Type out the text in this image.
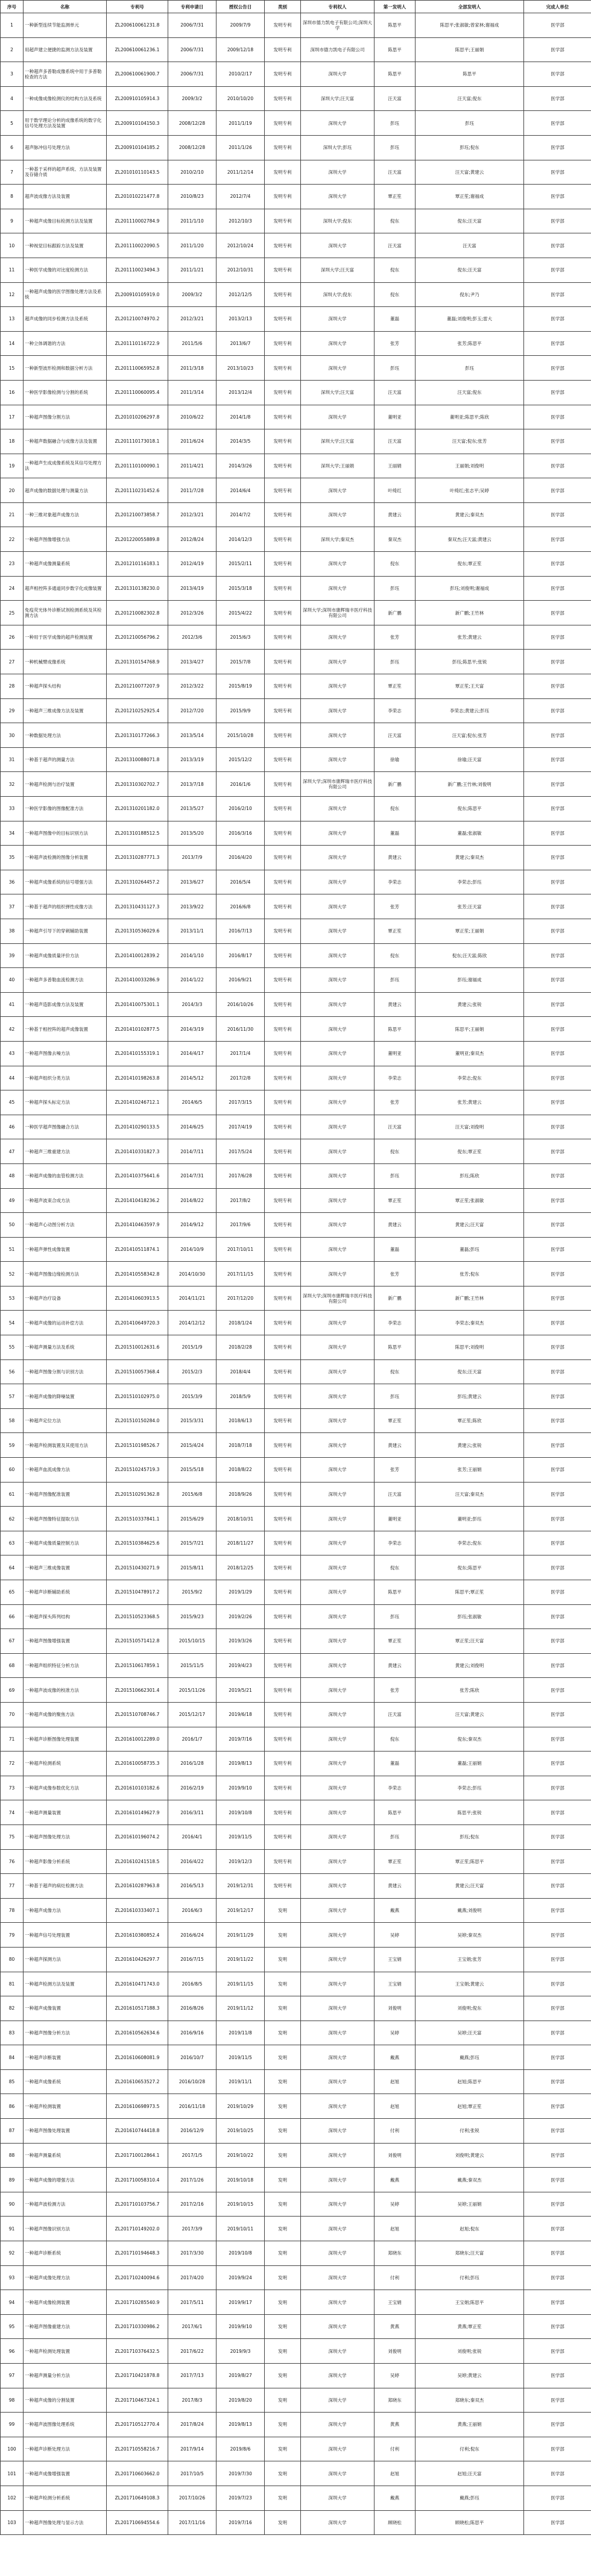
序号	名称	专利号	专利申请日	授权公告日	类别	专利权人	第一发明人	全部发明人	完成人单位
1	一种新型连续节能监测单元	ZL200610061231.8	2006/7/31	2009/7/9	发明专利	深圳市德力凯电子有限公司;深圳大学	陈思平	陈思平;张淑敏;曾家林;谢福成	医学部
2	用超声建立便捷的监测方法及装置	ZL200610061236.1	2006/7/31	2009/12/18	发明专利	深圳市德力凯电子有限公司	陈思平	陈思平;王丽娟	医学部
3	一种超声多普勒成像系统中用于多普勒检查的方法	ZL200610061900.7	2006/7/31	2010/2/17	发明专利	深圳大学	陈思平	陈思平	医学部
4	一种成像成像检测仪的结构方法及系统	ZL200910105914.3	2009/3/2	2010/10/20	发明专利	深圳大学;汪天富	汪天富	汪天富;倪东	医学部
5	用于数学理论分析的成像系统的数字化信号处理方法及装置	ZL200910104150.3	2008/12/28	2011/1/19	发明专利	深圳大学	彭珏	彭珏	医学部
6	超声脉冲信号处理方法	ZL200910104185.2	2008/12/28	2011/1/26	发明专利	深圳大学;彭珏	彭珏	彭珏;倪东	医学部
7	一种基于采样的超声系统、方法及装置及存储介质	ZL201010110143.5	2010/2/10	2011/12/14	发明专利	深圳大学	汪天富	汪天富;黄建云	医学部
8	超声波成像方法及装置	ZL201010221477.8	2010/8/23	2012/7/4	发明专利	深圳大学	覃正笙	覃正笙;谢福成	医学部
9	一种超声成像目标检测方法及装置	ZL201110002784.9	2011/1/10	2012/10/3	发明专利	深圳大学;倪东	倪东	倪东;汪天富	医学部
10	一种视觉目标跟踪方法及装置	ZL201110022090.5	2011/1/20	2012/10/24	发明专利	深圳大学	汪天富	汪天富	医学部
11	一种医学成像的对比度检测方法	ZL201110023494.3	2011/1/21	2012/10/31	发明专利	深圳大学;汪天富	倪东	倪东;汪天富	医学部
12	一种超声成像的医学图像处理方法及系统	ZL200910105919.0	2009/3/2	2012/12/5	发明专利	深圳大学;倪东	倪东	倪东;尹乃	医学部
13	超声成像的同步检测方法及系统	ZL201210074970.2	2012/3/21	2013/2/13	发明专利	深圳大学	董磊	董磊;刘俊明;彭玉;雷大	医学部
14	一种立体调谐的方法	ZL201110116722.9	2011/5/6	2013/6/7	发明专利	深圳大学	张芳	张芳;陈思平	医学部
15	一种新型波形检测和数据分析方法	ZL201110065952.8	2011/3/18	2013/10/23	发明专利	深圳大学	彭珏	彭珏	医学部
16	一种医学影像检测与分割的系统	ZL201110060095.4	2011/3/14	2013/12/4	发明专利	深圳大学;汪天富	汪天富	汪天富;倪东	医学部
17	一种超声图像分割方法	ZL201010206297.8	2010/6/22	2014/1/8	发明专利	深圳大学	董明亚	董明亚;陈思平;陈欣	医学部
18	一种超声数据融合与成像方法及装置	ZL201110173018.1	2011/6/24	2014/3/5	发明专利	深圳大学;汪天富	汪天富	汪天富;倪东;张芳	医学部
19	一种超声生成成像系统及其信号处理方法	ZL201110100090.1	2011/4/21	2014/3/26	发明专利	深圳大学;王丽娟	王丽娟	王丽娟;刘俊明	医学部
20	超声成像的数据处理与测量方法	ZL201110231452.6	2011/7/28	2014/6/4	发明专利	深圳大学	叶绮红	叶绮红;张志平;吴婷	医学部
21	一种三维对象超声成像方法	ZL201210073858.7	2012/3/21	2014/7/2	发明专利	深圳大学	黄建云	黄建云;秦双杰	医学部
22	一种超声图像增强方法	ZL201220055889.8	2012/8/24	2014/12/3	发明专利	深圳大学;秦双杰	秦双杰	秦双杰;汪天富;黄建云	医学部
23	一种超声成像测量系统	ZL201210116183.1	2012/4/19	2015/2/11	发明专利	深圳大学	倪东	倪东;覃正笙	医学部
24	超声相控阵多通道同步数字化成像装置	ZL201310138230.0	2013/4/19	2015/3/18	发明专利	深圳大学	彭珏	彭珏;刘俊明;谢福成	医学部
25	免疫荧光体外诊断试剂检测系统及其检测方法	ZL201210082302.8	2012/3/26	2015/4/22	发明专利	深圳大学;深圳市康辉瑞丰医疗科技有限公司	新广鹏	新广鹏;王竹林	医学部
26	一种用于医学成像的超声检测装置	ZL201210056796.2	2012/3/6	2015/6/3	发明专利	深圳大学	张芳	张芳;黄建云	医学部
27	一种机械臂成像系统	ZL201310154768.9	2013/4/27	2015/7/8	发明专利	深圳大学	彭珏	彭珏;陈思平;张锐	医学部
28	一种超声探头结构	ZL201210077207.9	2012/3/22	2015/8/19	发明专利	深圳大学	覃正笙	覃正笙;王天富	医学部
29	一种超声三维成像方法及装置	ZL201210252925.4	2012/7/20	2015/9/9	发明专利	深圳大学	李荣志	李荣志;黄建云;彭珏	医学部
30	一种数据处理方法	ZL201310177266.3	2013/5/14	2015/10/28	发明专利	深圳大学	汪天富	汪天富;倪东;张芳	医学部
31	一种基于超声的测量方法	ZL201310088071.8	2013/3/19	2015/12/2	发明专利	深圳大学	徐瑜	徐瑜;汪天富	医学部
32	一种超声检测与治疗装置	ZL201310302702.7	2013/7/18	2016/1/6	发明专利	深圳大学;深圳市康辉瑞丰医疗科技有限公司	新广鹏	新广鹏;王竹林;刘俊明	医学部
33	一种医学影像的图像配准方法	ZL201310201182.0	2013/5/27	2016/2/10	发明专利	深圳大学	倪东	倪东;陈思平	医学部
34	一种超声图像中的目标识别方法	ZL201310188512.5	2013/5/20	2016/3/16	发明专利	深圳大学	董磊	董磊;张淑敏	医学部
35	一种超声波检测的图像分析装置	ZL201310287771.3	2013/7/9	2016/4/20	发明专利	深圳大学	黄建云	黄建云;秦双杰	医学部
36	一种超声成像系统的信号增强方法	ZL201310264457.2	2013/6/27	2016/5/4	发明专利	深圳大学	李荣志	李荣志;彭珏	医学部
37	一种基于超声的组织弹性成像方法	ZL201310431127.3	2013/9/22	2016/6/8	发明专利	深圳大学	张芳	张芳;汪天富	医学部
38	一种超声引导下的穿刺辅助装置	ZL201310536029.6	2013/11/1	2016/7/13	发明专利	深圳大学	覃正笙	覃正笙;王丽娟	医学部
39	一种超声成像质量评价方法	ZL201410012839.2	2014/1/10	2016/8/17	发明专利	深圳大学	倪东	倪东;汪天富;陈欣	医学部
40	一种超声多普勒血流检测方法	ZL201410033286.9	2014/1/22	2016/9/21	发明专利	深圳大学	彭珏	彭珏;谢福成	医学部
41	一种超声造影成像方法及装置	ZL201410075301.1	2014/3/3	2016/10/26	发明专利	深圳大学	黄建云	黄建云;张锐	医学部
42	一种基于相控阵的超声成像装置	ZL201410102877.5	2014/3/19	2016/11/30	发明专利	深圳大学	陈思平	陈思平;王丽娟	医学部
43	一种超声图像去噪方法	ZL201410155319.1	2014/4/17	2017/1/4	发明专利	深圳大学	董明亚	董明亚;秦双杰	医学部
44	一种超声组织分类方法	ZL201410198263.8	2014/5/12	2017/2/8	发明专利	深圳大学	李荣志	李荣志;倪东	医学部
45	一种超声探头标定方法	ZL201410246712.1	2014/6/5	2017/3/15	发明专利	深圳大学	张芳	张芳;黄建云	医学部
46	一种医学超声图像融合方法	ZL201410290133.5	2014/6/25	2017/4/19	发明专利	深圳大学	汪天富	汪天富;刘俊明	医学部
47	一种超声三维重建方法	ZL201410331827.3	2014/7/11	2017/5/24	发明专利	深圳大学	倪东	倪东;覃正笙	医学部
48	一种超声成像的血管检测方法	ZL201410375641.6	2014/7/31	2017/6/28	发明专利	深圳大学	彭珏	彭珏;陈欣	医学部
49	一种超声波束合成方法	ZL201410418236.2	2014/8/22	2017/8/2	发明专利	深圳大学	覃正笙	覃正笙;张淑敏	医学部
50	一种超声心动图分析方法	ZL201410463597.9	2014/9/12	2017/9/6	发明专利	深圳大学	黄建云	黄建云;汪天富	医学部
51	一种超声弹性成像装置	ZL201410511874.1	2014/10/9	2017/10/11	发明专利	深圳大学	董磊	董磊;彭珏	医学部
52	一种超声图像边缘检测方法	ZL201410558342.8	2014/10/30	2017/11/15	发明专利	深圳大学	张芳	张芳;倪东	医学部
53	一种超声治疗设备	ZL201410603913.5	2014/11/21	2017/12/20	发明专利	深圳大学;深圳市康辉瑞丰医疗科技有限公司	新广鹏	新广鹏;王竹林	医学部
54	一种超声成像的运动补偿方法	ZL201410649720.3	2014/12/12	2018/1/24	发明专利	深圳大学	李荣志	李荣志;秦双杰	医学部
55	一种超声测量方法及系统	ZL201510012631.6	2015/1/9	2018/2/28	发明专利	深圳大学	陈思平	陈思平;刘俊明	医学部
56	一种超声图像分割与识别方法	ZL201510057368.4	2015/2/3	2018/4/4	发明专利	深圳大学	倪东	倪东;汪天富	医学部
57	一种超声成像的降噪装置	ZL201510102975.0	2015/3/9	2018/5/9	发明专利	深圳大学	彭珏	彭珏;黄建云	医学部
58	一种超声定位方法	ZL201510150284.0	2015/3/31	2018/6/13	发明专利	深圳大学	覃正笙	覃正笙;陈欣	医学部
59	一种超声检测装置及其使用方法	ZL201510198526.7	2015/4/24	2018/7/18	发明专利	深圳大学	黄建云	黄建云;张锐	医学部
60	一种超声血流成像方法	ZL201510245719.3	2015/5/18	2018/8/22	发明专利	深圳大学	张芳	张芳;王丽娟	医学部
61	一种超声图像配准装置	ZL201510291362.8	2015/6/8	2018/9/26	发明专利	深圳大学	汪天富	汪天富;秦双杰	医学部
62	一种超声图像特征提取方法	ZL201510337841.1	2015/6/29	2018/10/31	发明专利	深圳大学	董明亚	董明亚;彭珏	医学部
63	一种超声成像质量控制方法	ZL201510384625.6	2015/7/21	2018/11/27	发明专利	深圳大学	李荣志	李荣志;倪东	医学部
64	一种超声三维成像装置	ZL201510430271.9	2015/8/11	2018/12/25	发明专利	深圳大学	倪东	倪东;陈思平	医学部
65	一种超声诊断辅助系统	ZL201510478917.2	2015/9/2	2019/1/29	发明专利	深圳大学	陈思平	陈思平;覃正笙	医学部
66	一种超声探头阵列结构	ZL201510523368.5	2015/9/23	2019/2/26	发明专利	深圳大学	彭珏	彭珏;张淑敏	医学部
67	一种超声图像增强装置	ZL201510571412.8	2015/10/15	2019/3/26	发明专利	深圳大学	覃正笙	覃正笙;汪天富	医学部
68	一种超声组织特征分析方法	ZL201510617859.1	2015/11/5	2019/4/23	发明专利	深圳大学	黄建云	黄建云;刘俊明	医学部
69	一种超声波成像的校准方法	ZL201510662301.4	2015/11/26	2019/5/21	发明专利	深圳大学	张芳	张芳;陈欣	医学部
70	一种超声成像的聚焦方法	ZL201510708746.7	2015/12/17	2019/6/18	发明专利	深圳大学	汪天富	汪天富;黄建云	医学部
71	一种超声诊断图像处理装置	ZL201610012289.0	2016/1/7	2019/7/16	发明专利	深圳大学	倪东	倪东;秦双杰	医学部
72	一种超声检测系统	ZL201610058735.3	2016/1/28	2019/8/13	发明专利	深圳大学	董磊	董磊;王丽娟	医学部
73	一种超声成像参数优化方法	ZL201610103182.6	2016/2/19	2019/9/10	发明专利	深圳大学	李荣志	李荣志;彭珏	医学部
74	一种超声测量装置	ZL201610149627.9	2016/3/11	2019/10/8	发明专利	深圳大学	陈思平	陈思平;张锐	医学部
75	一种超声图像处理方法	ZL201610196074.2	2016/4/1	2019/11/5	发明专利	深圳大学	彭珏	彭珏;倪东	医学部
76	一种超声影像分析系统	ZL201610241518.5	2016/4/22	2019/12/3	发明专利	深圳大学	覃正笙	覃正笙;陈思平	医学部
77	一种基于超声的病灶检测方法	ZL201610287963.8	2016/5/13	2019/12/31	发明专利	深圳大学	黄建云	黄建云;汪天富	医学部
78	一种超声成像方法	ZL201610333407.1	2016/6/3	2019/12/17	发明	深圳大学	戴燕	戴燕;刘俊明	医学部
79	一种超声信号处理装置	ZL201610380852.4	2016/6/24	2019/11/29	发明	深圳大学	吴婷	吴婷;秦双杰	医学部
80	一种超声探测方法	ZL201610426297.7	2016/7/15	2019/11/22	发明	深圳大学	王宝娟	王宝娟;张芳	医学部
81	一种超声检测方法及装置	ZL201610471743.0	2016/8/5	2019/11/15	发明	深圳大学	王宝娟	王宝娟;黄建云	医学部
82	一种超声成像装置	ZL201610517188.3	2016/8/26	2019/11/12	发明	深圳大学	刘俊明	刘俊明;倪东	医学部
83	一种超声图像分析方法	ZL201610562634.6	2016/9/16	2019/11/8	发明	深圳大学	吴婷	吴婷;汪天富	医学部
84	一种超声诊断装置	ZL201610608081.9	2016/10/7	2019/11/5	发明	深圳大学	戴燕	戴燕;彭珏	医学部
85	一种超声成像系统	ZL201610653527.2	2016/10/28	2019/11/1	发明	深圳大学	赵旭	赵旭;陈思平	医学部
86	一种超声检测装置	ZL201610698973.5	2016/11/18	2019/10/29	发明	深圳大学	赵旭	赵旭;覃正笙	医学部
87	一种超声图像处理装置	ZL201610744418.8	2016/12/9	2019/10/25	发明	深圳大学	付利	付利;张锐	医学部
88	一种超声测量系统	ZL201710012864.1	2017/1/5	2019/10/22	发明	深圳大学	刘俊明	刘俊明;黄建云	医学部
89	一种超声成像的增强方法	ZL201710058310.4	2017/1/26	2019/10/18	发明	深圳大学	戴燕	戴燕;秦双杰	医学部
90	一种超声波检测方法	ZL201710103756.7	2017/2/16	2019/10/15	发明	深圳大学	吴婷	吴婷;王丽娟	医学部
91	一种超声图像识别方法	ZL201710149202.0	2017/3/9	2019/10/11	发明	深圳大学	赵旭	赵旭;倪东	医学部
92	一种超声诊断系统	ZL201710194648.3	2017/3/30	2019/10/8	发明	深圳大学	郑晓东	郑晓东;汪天富	医学部
93	一种超声成像处理方法	ZL201710240094.6	2017/4/20	2019/9/24	发明	深圳大学	付利	付利;彭珏	医学部
94	一种超声成像检测装置	ZL201710285540.9	2017/5/11	2019/9/17	发明	深圳大学	王宝娟	王宝娟;陈思平	医学部
95	一种超声图像重建方法	ZL201710330986.2	2017/6/1	2019/9/10	发明	深圳大学	黄燕	黄燕;覃正笙	医学部
96	一种超声检测处理装置	ZL201710376432.5	2017/6/22	2019/9/3	发明	深圳大学	刘俊明	刘俊明;张锐	医学部
97	一种超声测量分析方法	ZL201710421878.8	2017/7/13	2019/8/27	发明	深圳大学	吴婷	吴婷;黄建云	医学部
98	一种超声成像的分割装置	ZL201710467324.1	2017/8/3	2019/8/20	发明	深圳大学	郑晓东	郑晓东;秦双杰	医学部
99	一种超声波图像处理系统	ZL201710512770.4	2017/8/24	2019/8/13	发明	深圳大学	黄燕	黄燕;王丽娟	医学部
100	一种超声诊断处理方法	ZL201710558216.7	2017/9/14	2019/8/6	发明	深圳大学	付利	付利;倪东	医学部
101	一种超声成像增强装置	ZL201710603662.0	2017/10/5	2019/7/30	发明	深圳大学	赵旭	赵旭;汪天富	医学部
102	一种超声检测分析系统	ZL201710649108.3	2017/10/26	2019/7/23	发明	深圳大学	戴燕	戴燕;彭珏	医学部
103	一种超声图像处理与显示方法	ZL201710694554.6	2017/11/16	2019/7/16	发明	深圳大学	顾晓松	顾晓松;陈思平	医学部
